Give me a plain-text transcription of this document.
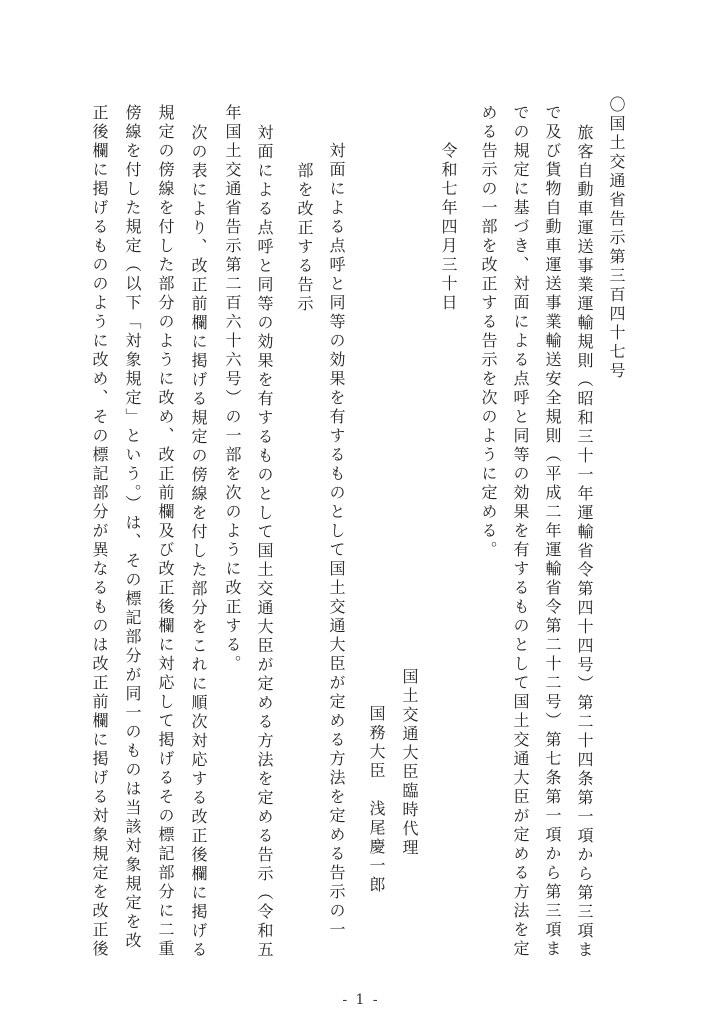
〇国土交通省告示第三百四十七号
旅客自動車運送事業運輸規則（昭和三十一年運輸省令第四十四号）第二十四条第一項から第三項ま
で及び貨物自動車運送事業輸送安全規則（平成二年運輸省令第二十二号）第七条第一項から第三項ま
での規定に基づき、対面による点呼と同等の効果を有するものとして国土交通大臣が定める方法を定
める告示の一部を改正する告示を次のように定める。
令和七年四月三十日
国土交通大臣臨時代理
国務大臣　浅尾慶一郎
対面による点呼と同等の効果を有するものとして国土交通大臣が定める方法を定める告示の一
部を改正する告示
対面による点呼と同等の効果を有するものとして国土交通大臣が定める方法を定める告示（令和五
年国土交通省告示第二百六十六号）の一部を次のように改正する。
次の表により、改正前欄に掲げる規定の傍線を付した部分をこれに順次対応する改正後欄に掲げる
規定の傍線を付した部分のように改め、改正前欄及び改正後欄に対応して掲げるその標記部分に二重
傍線を付した規定（以下「対象規定」という。）は、その標記部分が同一のものは当該対象規定を改
正後欄に掲げるもののように改め、その標記部分が異なるものは改正前欄に掲げる対象規定を改正後
- 1 -
